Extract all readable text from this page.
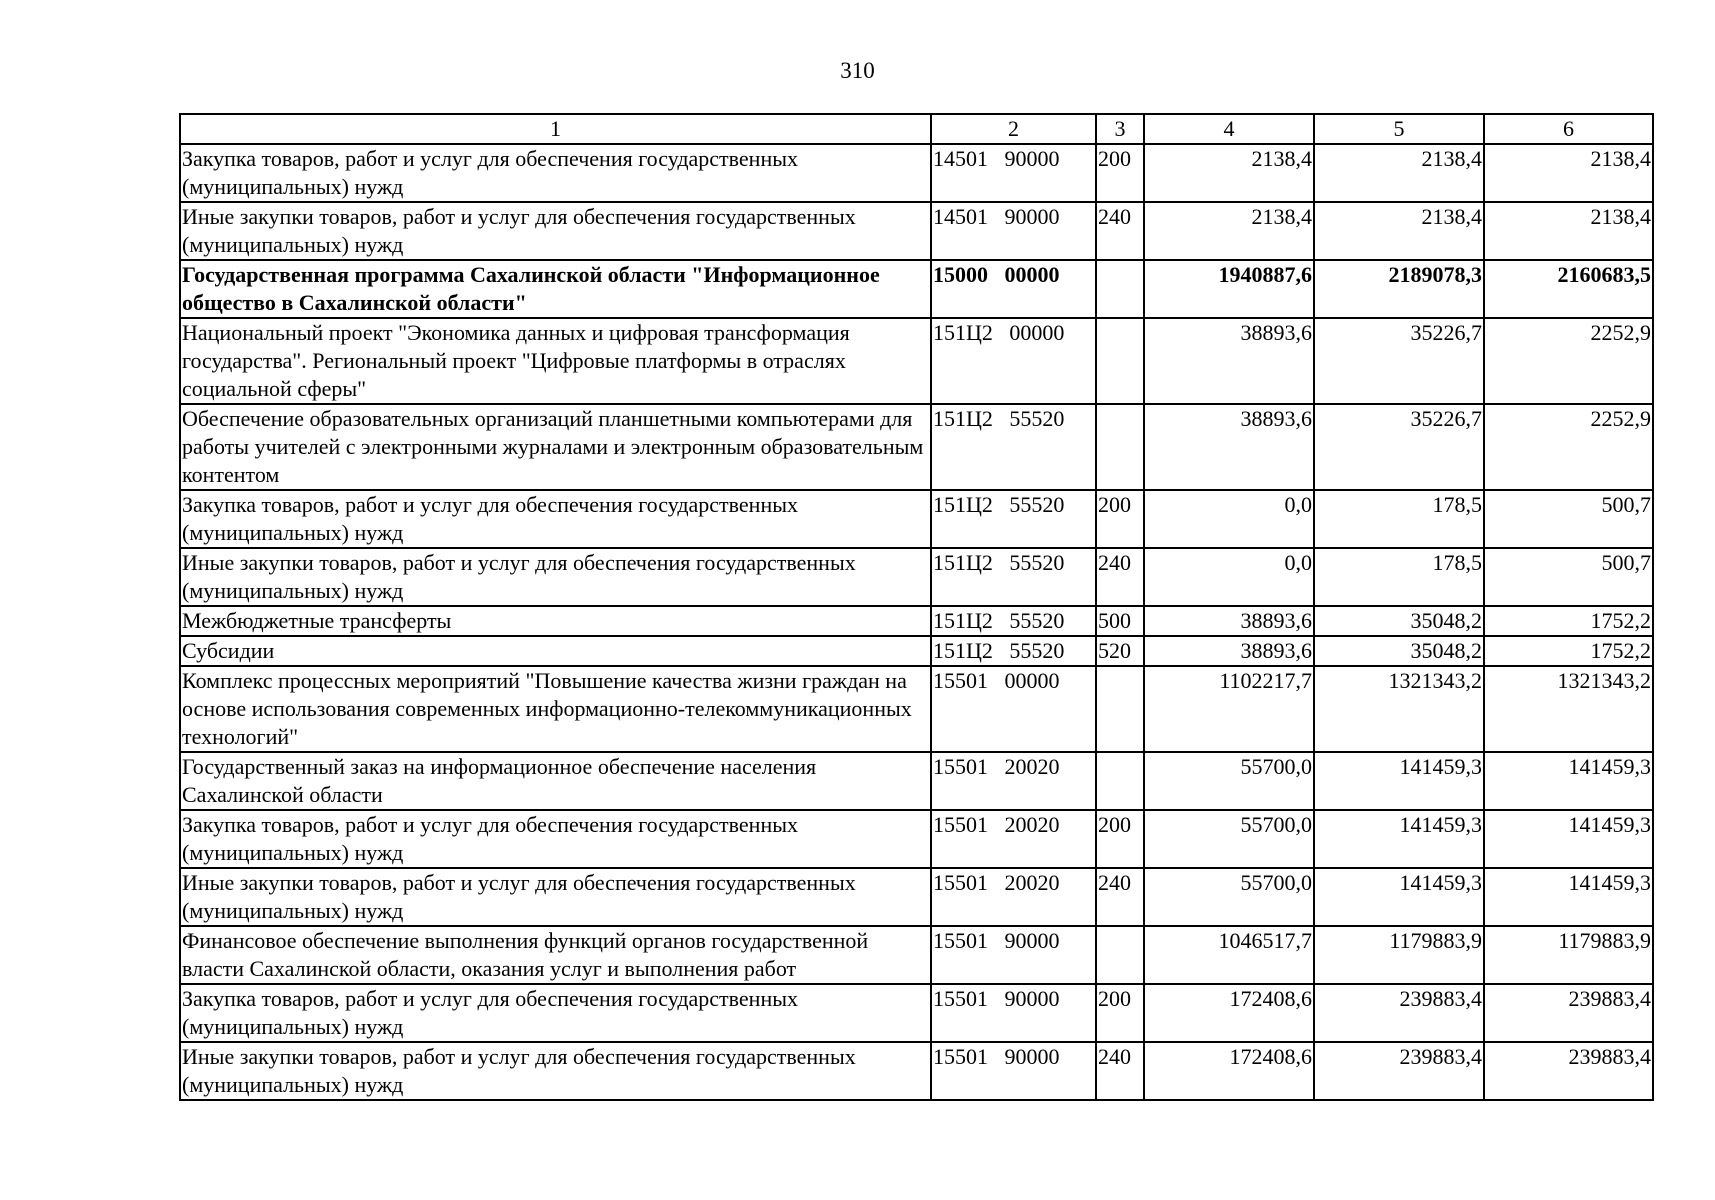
310
1	2	3	4	5	6
Закупка товаров, работ и услуг для обеспечения государственных (муниципальных) нужд	14501   90000	200	2138,4	2138,4	2138,4
Иные закупки товаров, работ и услуг для обеспечения государственных (муниципальных) нужд	14501   90000	240	2138,4	2138,4	2138,4
Государственная программа Сахалинской области "Информационное общество в Сахалинской области"	15000   00000		1940887,6	2189078,3	2160683,5
Национальный проект "Экономика данных и цифровая трансформация государства". Региональный проект "Цифровые платформы в отраслях социальной сферы"	151Ц2   00000		38893,6	35226,7	2252,9
Обеспечение образовательных организаций планшетными компьютерами для работы учителей с электронными журналами и электронным образовательным контентом	151Ц2   55520		38893,6	35226,7	2252,9
Закупка товаров, работ и услуг для обеспечения государственных (муниципальных) нужд	151Ц2   55520	200	0,0	178,5	500,7
Иные закупки товаров, работ и услуг для обеспечения государственных (муниципальных) нужд	151Ц2   55520	240	0,0	178,5	500,7
Межбюджетные трансферты	151Ц2   55520	500	38893,6	35048,2	1752,2
Субсидии	151Ц2   55520	520	38893,6	35048,2	1752,2
Комплекс процессных мероприятий "Повышение качества жизни граждан на основе использования современных информационно-телекоммуникационных технологий"	15501   00000		1102217,7	1321343,2	1321343,2
Государственный заказ на информационное обеспечение населения Сахалинской области	15501   20020		55700,0	141459,3	141459,3
Закупка товаров, работ и услуг для обеспечения государственных (муниципальных) нужд	15501   20020	200	55700,0	141459,3	141459,3
Иные закупки товаров, работ и услуг для обеспечения государственных (муниципальных) нужд	15501   20020	240	55700,0	141459,3	141459,3
Финансовое обеспечение выполнения функций органов государственной власти Сахалинской области, оказания услуг и выполнения работ	15501   90000		1046517,7	1179883,9	1179883,9
Закупка товаров, работ и услуг для обеспечения государственных (муниципальных) нужд	15501   90000	200	172408,6	239883,4	239883,4
Иные закупки товаров, работ и услуг для обеспечения государственных (муниципальных) нужд	15501   90000	240	172408,6	239883,4	239883,4
